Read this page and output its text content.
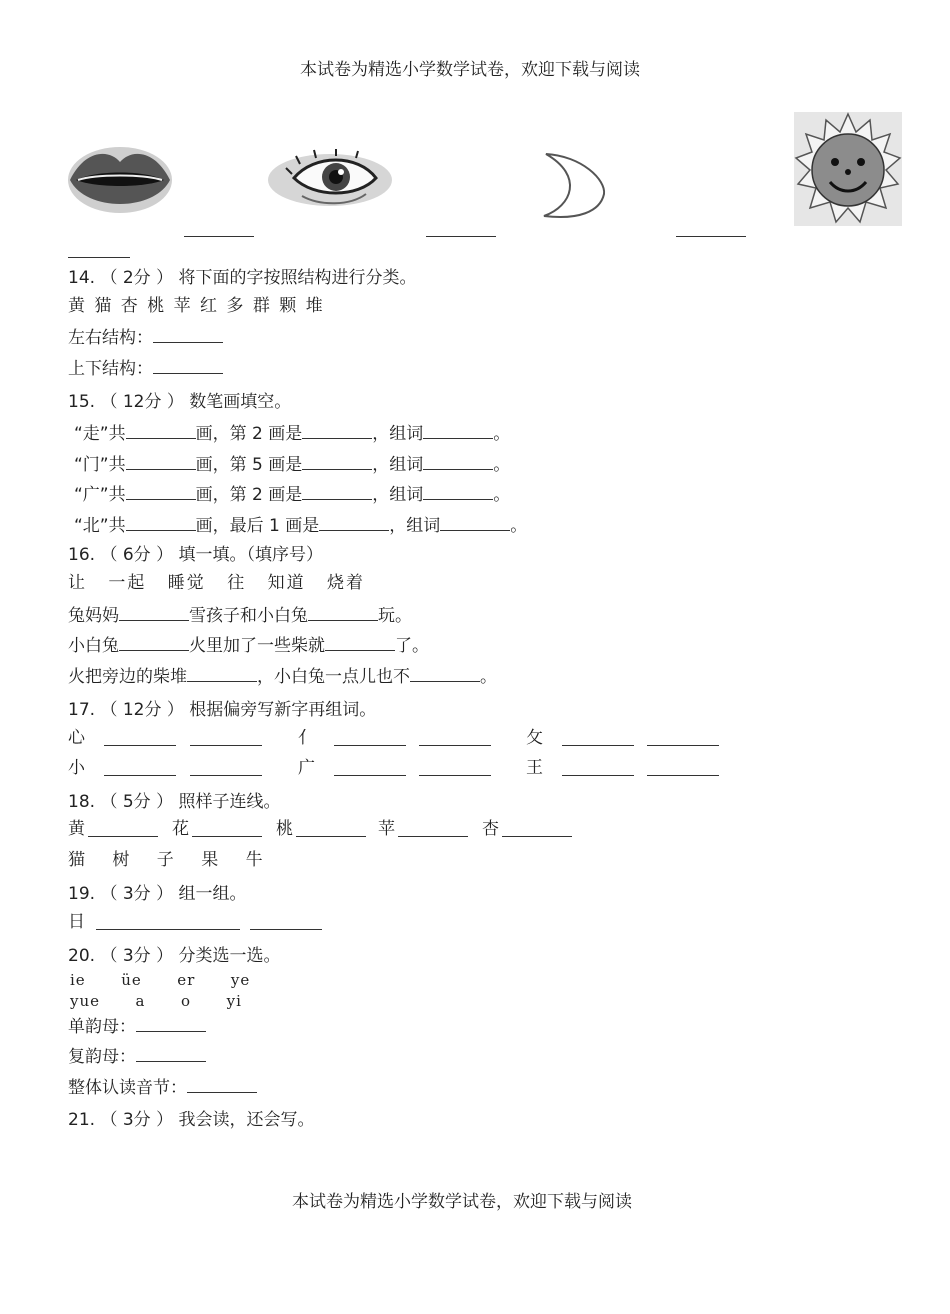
本试卷为精选小学数学试卷，欢迎下载与阅读
本试卷为精选小学数学试卷，欢迎下载与阅读
14. （ 2分 ） 将下面的字按照结构进行分类。
黄 猫 杏 桃 苹 红 多 群 颗 堆
左右结构：
上下结构：
15. （ 12分 ） 数笔画填空。
“走”共	画，第 2 画是	，组词	。
“门”共	画，第 5 画是	，组词	。
“广”共	画，第 2 画是	，组词	。
“北”共	画，最后 1 画是	，组词	。
16. （ 6分 ） 填一填。（填序号）
让 一起 睡觉 往 知道 烧着
兔妈妈	雪孩子和小白兔	玩。
小白兔	火里加了一些柴就	了。
火把旁边的柴堆	，小白兔一点儿也不	。
17. （ 12分 ） 根据偏旁写新字再组词。
心	亻	攵
小	广	王
18. （ 5分 ） 照样子连线。
黄	花	桃	苹	杏
猫 树 子 果 牛
19. （ 3分 ） 组一组。
日
20. （ 3分 ） 分类选一选。
ie  üe  er  ye
yue  a  o  yi
单韵母：
复韵母：
整体认读音节：
21. （ 3分 ） 我会读，还会写。
